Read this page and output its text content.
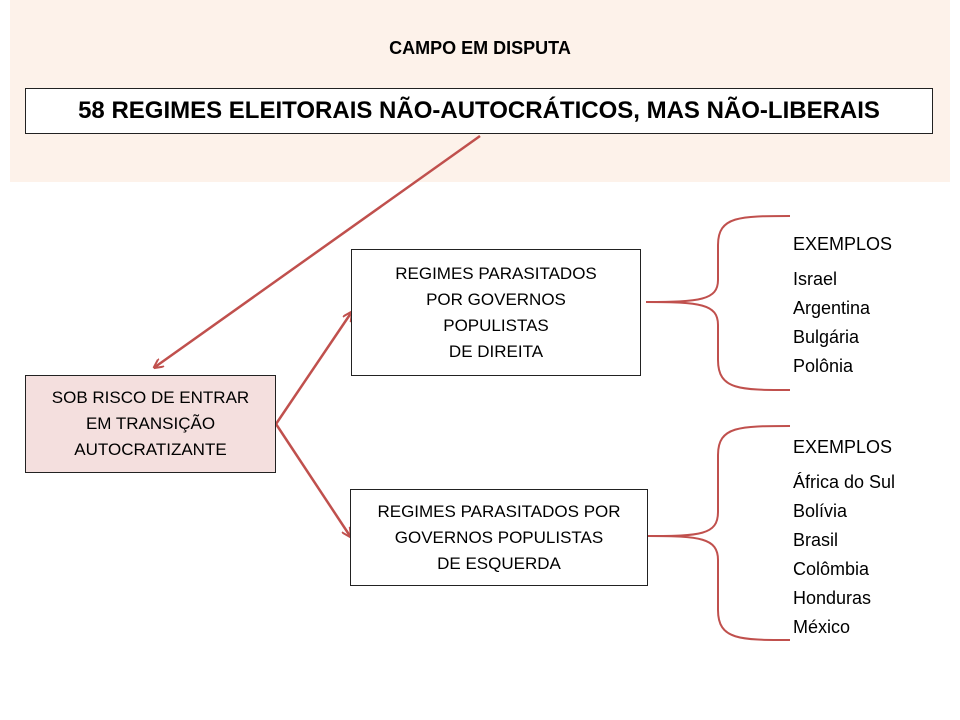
CAMPO EM DISPUTA
58 REGIMES ELEITORAIS NÃO-AUTOCRÁTICOS, MAS NÃO-LIBERAIS
SOB RISCO DE ENTRAR
EM TRANSIÇÃO
AUTOCRATIZANTE
REGIMES PARASITADOS
POR GOVERNOS
POPULISTAS
DE DIREITA
REGIMES PARASITADOS POR
GOVERNOS POPULISTAS
DE ESQUERDA
EXEMPLOS
Israel
Argentina
Bulgária
Polônia
EXEMPLOS
África do Sul
Bolívia
Brasil
Colômbia
Honduras
México
